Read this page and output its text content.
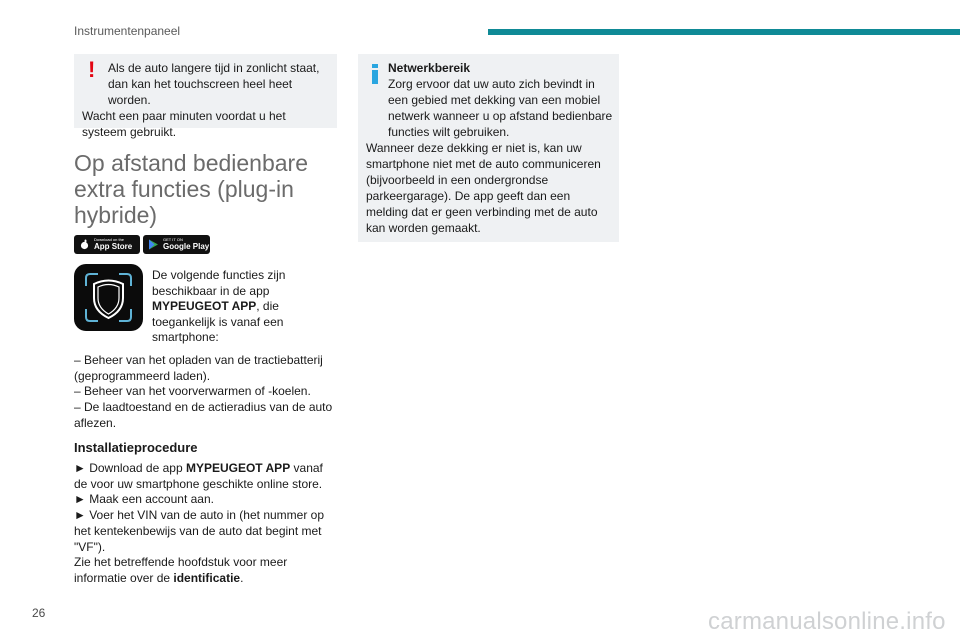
Instrumentenpaneel
!	Als de auto langere tijd in zonlicht staat, dan kan het touchscreen heel heet worden.
Wacht een paar minuten voordat u het systeem gebruikt.
Op afstand bedienbare extra functies (plug-in hybride)
Download on the
App Store
GET IT ON
Google Play
De volgende functies zijn beschikbaar in de app MYPEUGEOT APP, die toegankelijk is vanaf een smartphone:
– Beheer van het opladen van de tractiebatterij (geprogrammeerd laden).
– Beheer van het voorverwarmen of -koelen.
– De laadtoestand en de actieradius van de auto aflezen.
Installatieprocedure
► Download de app MYPEUGEOT APP vanaf de voor uw smartphone geschikte online store.
► Maak een account aan.
► Voer het VIN van de auto in (het nummer op het kentekenbewijs van de auto dat begint met "VF").
Zie het betreffende hoofdstuk voor meer informatie over de identificatie.
Netwerkbereik
Zorg ervoor dat uw auto zich bevindt in een gebied met dekking van een mobiel netwerk wanneer u op afstand bedienbare functies wilt gebruiken.
Wanneer deze dekking er niet is, kan uw smartphone niet met de auto communiceren (bijvoorbeeld in een ondergrondse parkeergarage). De app geeft dan een melding dat er geen verbinding met de auto kan worden gemaakt.
26	carmanualsonline.info
